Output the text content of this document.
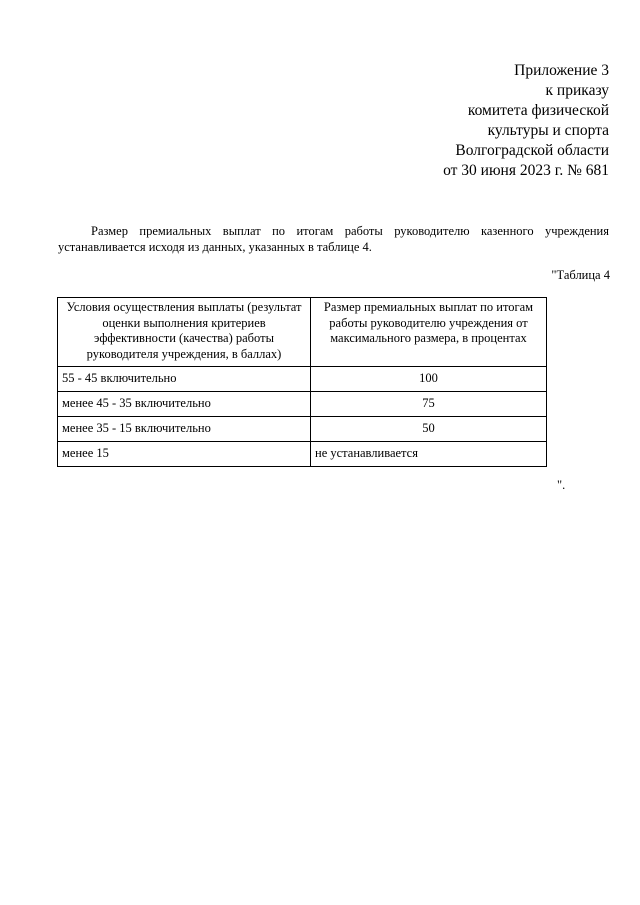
Приложение 3
к приказу
комитета физической
культуры и спорта
Волгоградской области
от 30 июня 2023 г. № 681
Размер премиальных выплат по итогам работы руководителю казенного учреждения
устанавливается исходя из данных, указанных в таблице 4.
"Таблица 4
Условия осуществления выплаты (результат оценки выполнения критериев эффективности (качества) работы руководителя учреждения, в баллах)	Размер премиальных выплат по итогам работы руководителю учреждения от максимального размера, в процентах
55 - 45 включительно	100
менее 45 - 35 включительно	75
менее 35 - 15 включительно	50
менее 15	не устанавливается
".
